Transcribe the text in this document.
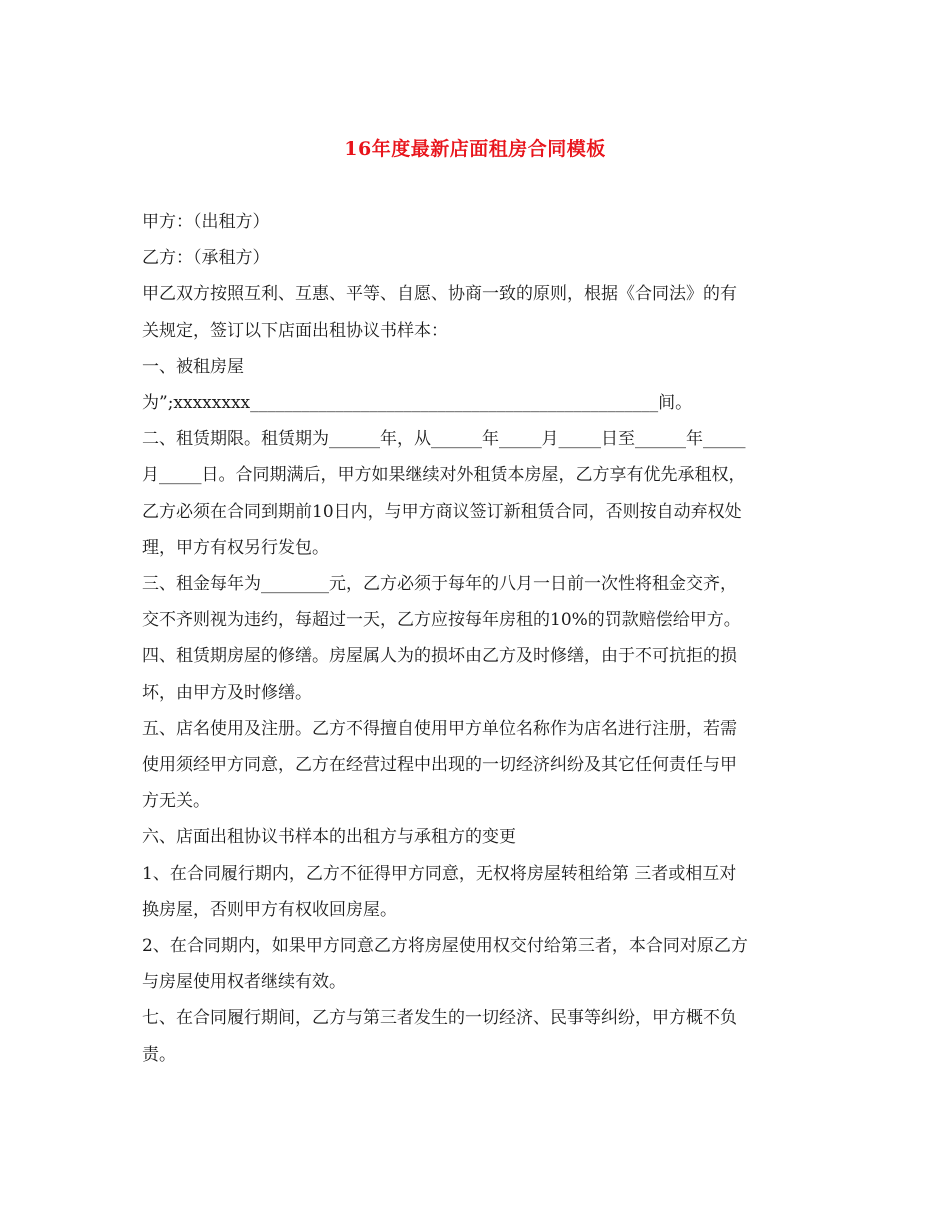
16年度最新店面租房合同模板

甲方：（出租方）

乙方：（承租方）

甲乙双方按照互利、互惠、平等、自愿、协商一致的原则，根据《合同法》的有

关规定，签订以下店面出租协议书样本：

一、被租房屋

为”;xxxxxxxx________________________________________________间。

二、租赁期限。租赁期为______年，从______年_____月_____日至______年_____

月_____日。合同期满后，甲方如果继续对外租赁本房屋，乙方享有优先承租权，

乙方必须在合同到期前10日内，与甲方商议签订新租赁合同，否则按自动弃权处

理，甲方有权另行发包。

三、租金每年为________元，乙方必须于每年的八月一日前一次性将租金交齐，

交不齐则视为违约，每超过一天，乙方应按每年房租的10%的罚款赔偿给甲方。

四、租赁期房屋的修缮。房屋属人为的损坏由乙方及时修缮，由于不可抗拒的损

坏，由甲方及时修缮。

五、店名使用及注册。乙方不得擅自使用甲方单位名称作为店名进行注册，若需

使用须经甲方同意，乙方在经营过程中出现的一切经济纠纷及其它任何责任与甲

方无关。

六、店面出租协议书样本的出租方与承租方的变更

1、在合同履行期内，乙方不征得甲方同意，无权将房屋转租给第 三者或相互对

换房屋，否则甲方有权收回房屋。

2、在合同期内，如果甲方同意乙方将房屋使用权交付给第三者，本合同对原乙方

与房屋使用权者继续有效。

七、在合同履行期间，乙方与第三者发生的一切经济、民事等纠纷，甲方概不负

责。
